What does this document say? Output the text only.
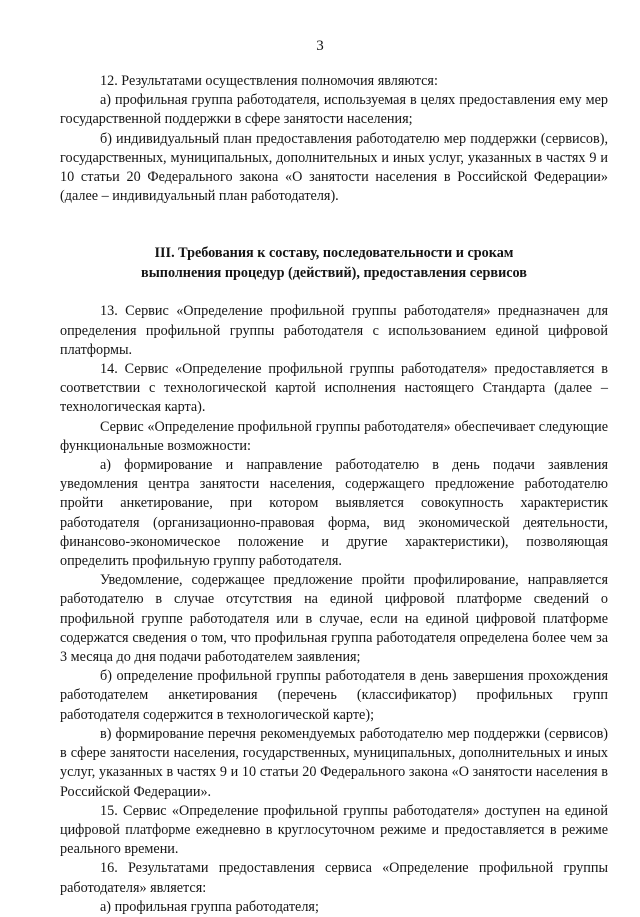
3

12. Результатами осуществления полномочия являются:

а) профильная группа работодателя, используемая в целях предоставления ему мер государственной поддержки в сфере занятости населения;

б) индивидуальный план предоставления работодателю мер поддержки (сервисов), государственных, муниципальных, дополнительных и иных услуг, указанных в частях 9 и 10 статьи 20 Федерального закона «О занятости населения в Российской Федерации» (далее – индивидуальный план работодателя).

III. Требования к составу, последовательности и срокам
выполнения процедур (действий), предоставления сервисов

13. Сервис «Определение профильной группы работодателя» предназначен для определения профильной группы работодателя с использованием единой цифровой платформы.

14. Сервис «Определение профильной группы работодателя» предоставляется в соответствии с технологической картой исполнения настоящего Стандарта (далее – технологическая карта).

Сервис «Определение профильной группы работодателя» обеспечивает следующие функциональные возможности:

а) формирование и направление работодателю в день подачи заявления уведомления центра занятости населения, содержащего предложение работодателю пройти анкетирование, при котором выявляется совокупность характеристик работодателя (организационно-правовая форма, вид экономической деятельности, финансово-экономическое положение и другие характеристики), позволяющая определить профильную группу работодателя.

Уведомление, содержащее предложение пройти профилирование, направляется работодателю в случае отсутствия на единой цифровой платформе сведений о профильной группе работодателя или в случае, если на единой цифровой платформе содержатся сведения о том, что профильная группа работодателя определена более чем за 3 месяца до дня подачи работодателем заявления;

б) определение профильной группы работодателя в день завершения прохождения работодателем анкетирования (перечень (классификатор) профильных групп работодателя содержится в технологической карте);

в) формирование перечня рекомендуемых работодателю мер поддержки (сервисов) в сфере занятости населения, государственных, муниципальных, дополнительных и иных услуг, указанных в частях 9 и 10 статьи 20 Федерального закона «О занятости населения в Российской Федерации».

15. Сервис «Определение профильной группы работодателя» доступен на единой цифровой платформе ежедневно в круглосуточном режиме и предоставляется в режиме реального времени.

16. Результатами предоставления сервиса «Определение профильной группы работодателя» является:

а) профильная группа работодателя;
